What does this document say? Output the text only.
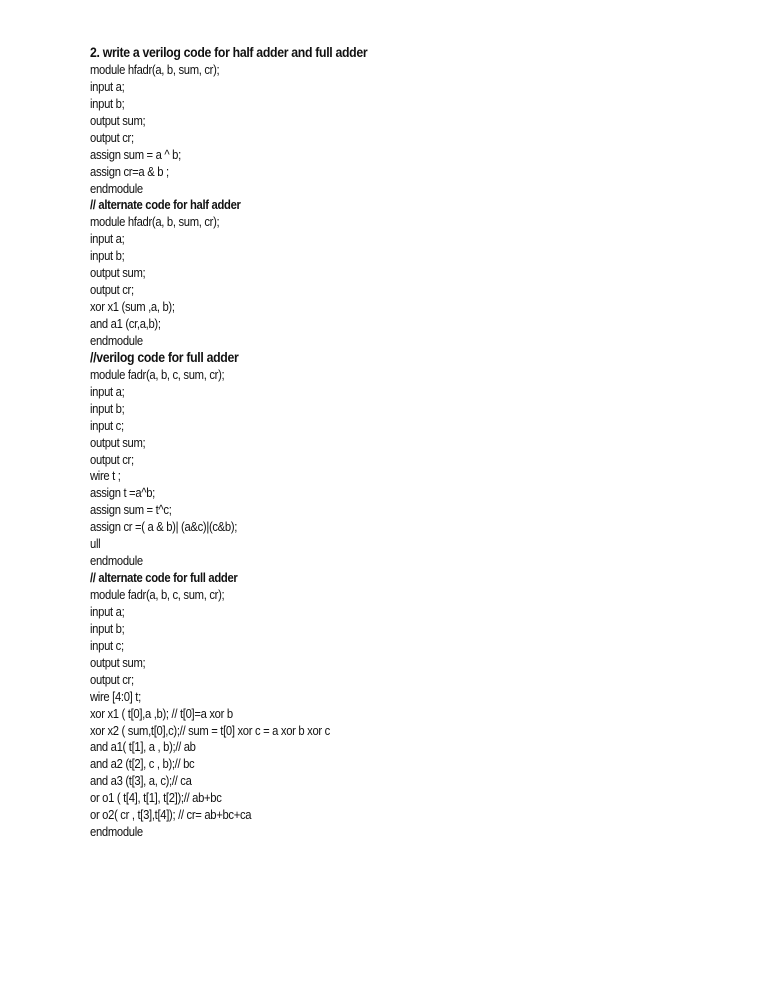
2. write a verilog code for half adder and full adder
module hfadr(a, b, sum, cr);
input a;
input b;
output sum;
output cr;
assign sum = a ^ b;
assign cr=a & b ;
endmodule
// alternate code for half adder
module hfadr(a, b, sum, cr);
input a;
input b;
output sum;
output cr;
xor x1 (sum ,a, b);
and a1 (cr,a,b);
endmodule
//verilog code for full adder
module fadr(a, b, c, sum, cr);
input a;
input b;
input c;
output sum;
output cr;
wire t ;
assign t =a^b;
assign sum = t^c;
assign cr =( a & b)| (a&c)|(c&b);
ull
endmodule
// alternate code for full adder
module fadr(a, b, c, sum, cr);
input a;
input b;
input c;
output sum;
output cr;
wire [4:0] t;
xor x1 ( t[0],a ,b); // t[0]=a xor b
xor x2 ( sum,t[0],c);// sum = t[0] xor c = a xor b xor c
and a1( t[1], a , b);// ab
and a2 (t[2], c , b);// bc
and a3 (t[3], a, c);// ca
or o1 ( t[4], t[1], t[2]);// ab+bc
or o2( cr , t[3],t[4]); // cr= ab+bc+ca
endmodule
